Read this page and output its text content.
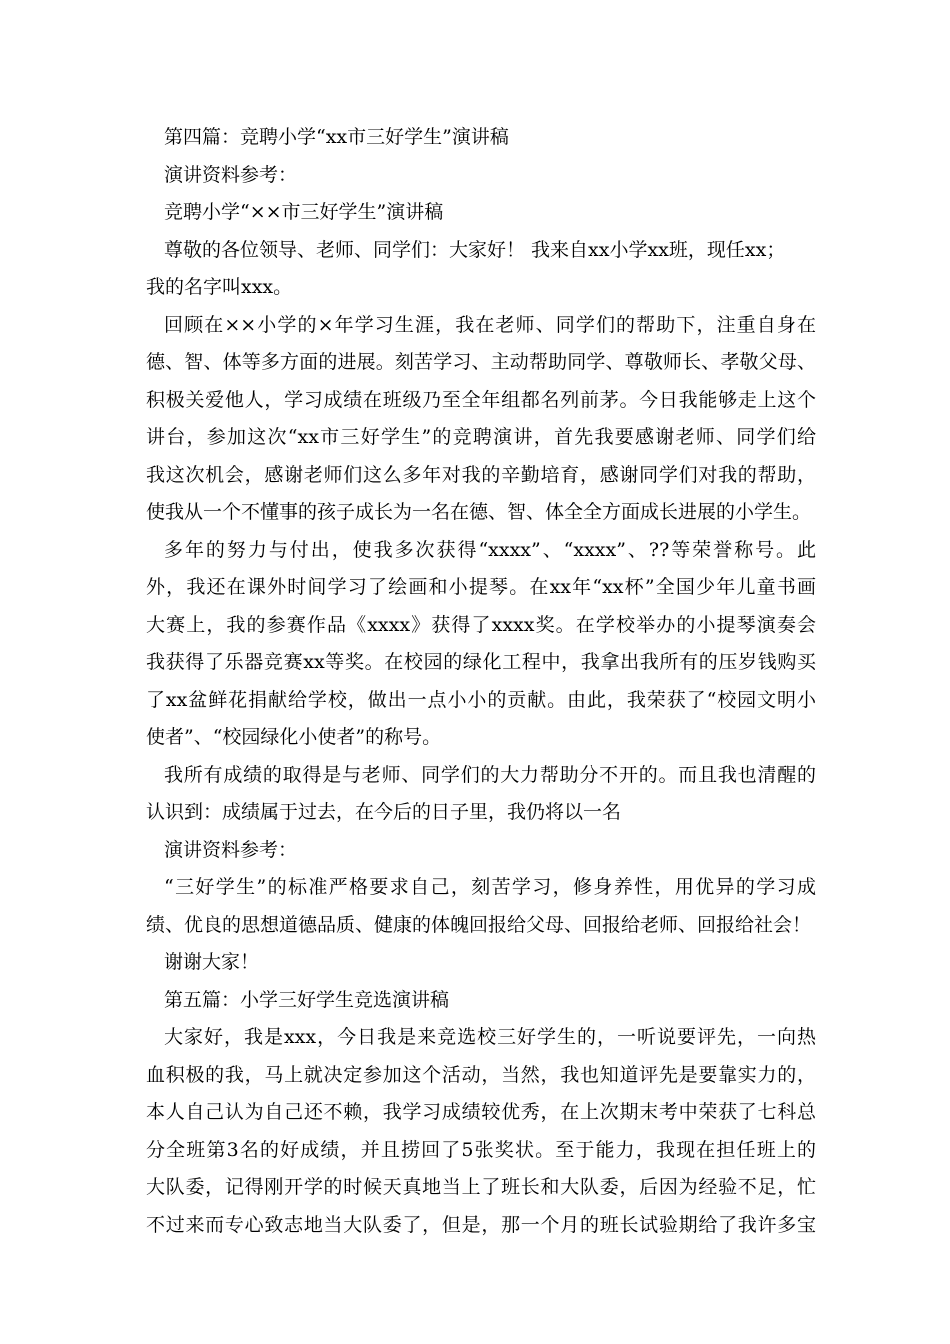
第四篇：竞聘小学“xx市三好学生”演讲稿

演讲资料参考：

竞聘小学“××市三好学生”演讲稿

尊敬的各位领导、老师、同学们：大家好！ 我来自xx小学xx班，现任xx；

我的名字叫xxx。

回顾在××小学的×年学习生涯，我在老师、同学们的帮助下，注重自身在

德、智、体等多方面的进展。刻苦学习、主动帮助同学、尊敬师长、孝敬父母、

积极关爱他人，学习成绩在班级乃至全年组都名列前茅。今日我能够走上这个

讲台，参加这次“xx市三好学生”的竞聘演讲，首先我要感谢老师、同学们给

我这次机会，感谢老师们这么多年对我的辛勤培育，感谢同学们对我的帮助，

使我从一个不懂事的孩子成长为一名在德、智、体全全方面成长进展的小学生。

多年的努力与付出，使我多次获得“xxxx”、“xxxx”、??等荣誉称号。此

外，我还在课外时间学习了绘画和小提琴。在xx年“xx杯”全国少年儿童书画

大赛上，我的参赛作品《xxxx》获得了xxxx奖。在学校举办的小提琴演奏会

我获得了乐器竞赛xx等奖。在校园的绿化工程中，我拿出我所有的压岁钱购买

了xx盆鲜花捐献给学校，做出一点小小的贡献。由此，我荣获了“校园文明小

使者”、“校园绿化小使者”的称号。

我所有成绩的取得是与老师、同学们的大力帮助分不开的。而且我也清醒的

认识到：成绩属于过去，在今后的日子里，我仍将以一名

演讲资料参考：

“三好学生”的标准严格要求自己，刻苦学习，修身养性，用优异的学习成

绩、优良的思想道德品质、健康的体魄回报给父母、回报给老师、回报给社会！

谢谢大家！

第五篇：小学三好学生竞选演讲稿

大家好，我是xxx，今日我是来竞选校三好学生的，一听说要评先，一向热

血积极的我，马上就决定参加这个活动，当然，我也知道评先是要靠实力的，

本人自己认为自己还不赖，我学习成绩较优秀，在上次期末考中荣获了七科总

分全班第3名的好成绩，并且捞回了5张奖状。至于能力，我现在担任班上的

大队委，记得刚开学的时候天真地当上了班长和大队委，后因为经验不足，忙

不过来而专心致志地当大队委了，但是，那一个月的班长试验期给了我许多宝
